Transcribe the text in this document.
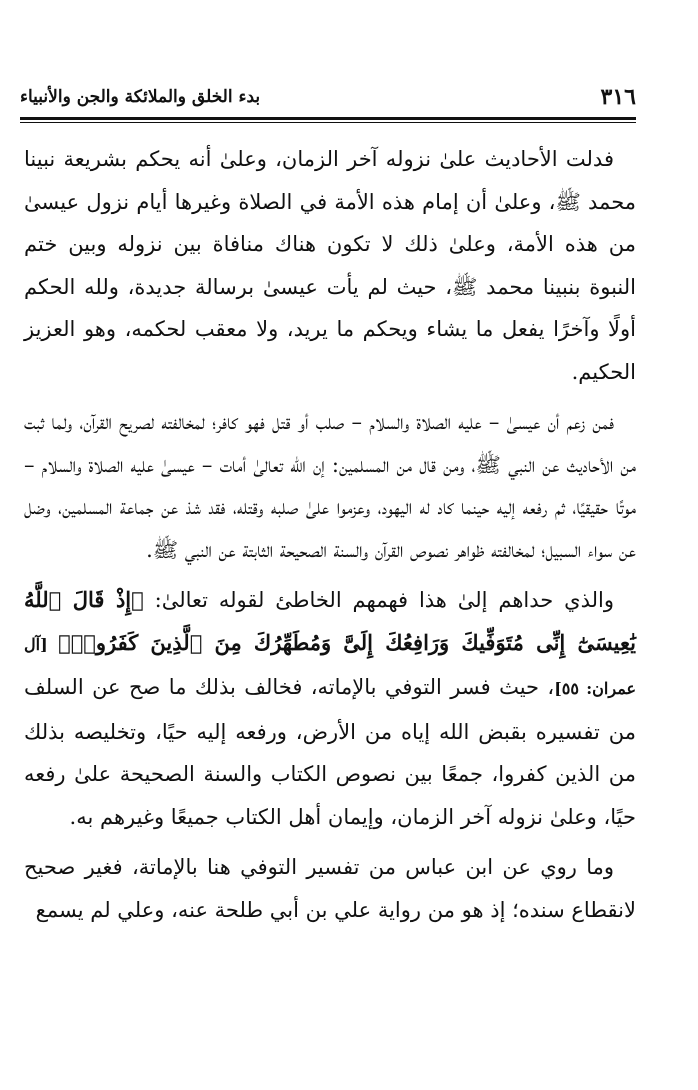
٣١٦
بدء الخلق والملائكة والجن والأنبياء

فدلت الأحاديث علىٰ نزوله آخر الزمان، وعلىٰ أنه يحكم بشريعة نبينا محمد ﷺ، وعلىٰ أن إمام هذه الأمة في الصلاة وغيرها أيام نزول عيسىٰ من هذه الأمة، وعلىٰ ذلك لا تكون هناك منافاة بين نزوله وبين ختم النبوة بنبينا محمد ﷺ، حيث لم يأت عيسىٰ برسالة جديدة، ولله الحكم أولًا وآخرًا يفعل ما يشاء ويحكم ما يريد، ولا معقب لحكمه، وهو العزيز الحكيم.

فمن زعم أن عيسىٰ – عليه الصلاة والسلام – صلب أو قتل فهو كافر؛ لمخالفته لصريح القرآن، ولما ثبت من الأحاديث عن النبي ﷺ، ومن قال من المسلمين: إن الله تعالىٰ أمات – عيسىٰ عليه الصلاة والسلام – موتًا حقيقيًا، ثم رفعه إليه حينما كاد له اليهود، وعزموا علىٰ صلبه وقتله، فقد شذ عن جماعة المسلمين، وضل عن سواء السبيل؛ لمخالفته ظواهر نصوص القرآن والسنة الصحيحة الثابتة عن النبي ﷺ.

والذي حداهم إلىٰ هذا فهمهم الخاطئ لقوله تعالىٰ: ﴿إِذْ قَالَ ٱللَّهُ يَٰعِيسَىٰٓ إِنِّى مُتَوَفِّيكَ وَرَافِعُكَ إِلَىَّ وَمُطَهِّرُكَ مِنَ ٱلَّذِينَ كَفَرُوا۟﴾ [آل عمران: ٥٥]، حيث فسر التوفي بالإماته، فخالف بذلك ما صح عن السلف من تفسيره بقبض الله إياه من الأرض، ورفعه إليه حيًا، وتخليصه بذلك من الذين كفروا، جمعًا بين نصوص الكتاب والسنة الصحيحة علىٰ رفعه حيًا، وعلىٰ نزوله آخر الزمان، وإيمان أهل الكتاب جميعًا وغيرهم به.

وما روي عن ابن عباس من تفسير التوفي هنا بالإماتة، فغير صحيح لانقطاع سنده؛ إذ هو من رواية علي بن أبي طلحة عنه، وعلي لم يسمع
